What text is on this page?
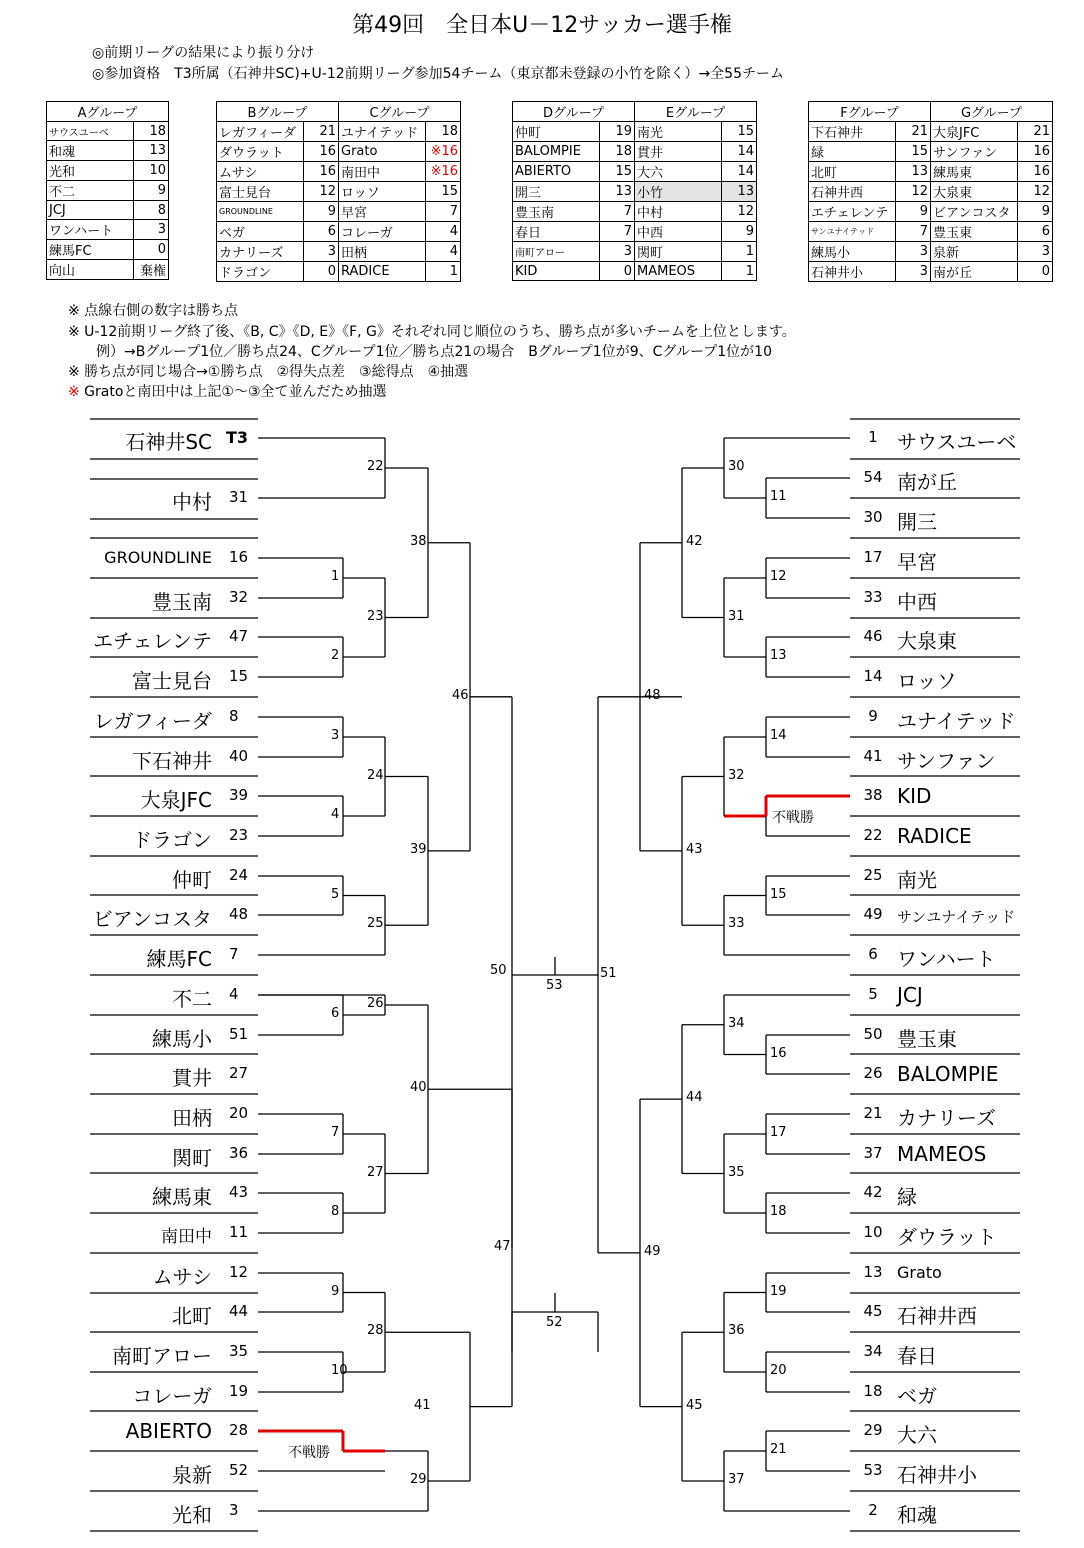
第49回　全日本U－12サッカー選手権
◎前期リーグの結果により振り分け
◎参加資格　T3所属（石神井SC)+U-12前期リーグ参加54チーム（東京都未登録の小竹を除く）→全55チーム
Aグループ	
サウスユーベ	18
和魂	13
光和	10
不二	9
JCJ	8
ワンハート	3
練馬FC	0
向山	棄権
Bグループ		Cグループ	
レガフィーダ	21	ユナイテッド	18
ダウラット	16	Grato	※16
ムサシ	16	南田中	※16
富士見台	12	ロッソ	15
GROUNDLINE	9	早宮	7
ベガ	6	コレーガ	4
カナリーズ	3	田柄	4
ドラゴン	0	RADICE	1
Dグループ		Eグループ	
仲町	19	南光	15
BALOMPIE	18	貫井	14
ABIERTO	15	大六	14
開三	13	小竹	13
豊玉南	7	中村	12
春日	7	中西	9
南町アロー	3	関町	1
KID	0	MAMEOS	1
Fグループ		Gグループ	
下石神井	21	大泉JFC	21
緑	15	サンファン	16
北町	13	練馬東	16
石神井西	12	大泉東	12
エチェレンテ	9	ビアンコスタ	9
サンユナイテッド	7	豊玉東	6
練馬小	3	泉新	3
石神井小	3	南が丘	0
※ 点線右側の数字は勝ち点
※ U-12前期リーグ終了後、《B, C》《D, E》《F, G》それぞれ同じ順位のうち、勝ち点が多いチームを上位とします。
　　例）→Bグループ1位／勝ち点24、Cグループ1位／勝ち点21の場合　Bグループ1位が9、Cグループ1位が10
※ 勝ち点が同じ場合→①勝ち点　②得失点差　③総得点　④抽選
※ Gratoと南田中は上記①～③全て並んだため抽選
石神井SC T3
中村 31
GROUNDLINE 16
豊玉南 32
エチェレンテ 47
富士見台 15
レガフィーダ 8
下石神井 40
大泉JFC 39
ドラゴン 23
仲町 24
ビアンコスタ 48
練馬FC 7
不二 4
練馬小 51
貫井 27
田柄 20
関町 36
練馬東 43
南田中 11
ムサシ 12
北町 44
南町アロー 35
コレーガ 19
ABIERTO 28
泉新 52
光和 3
1
2
3
4
5
6
7
8
9
10
22
23
24
25
26
27
28
不戦勝
29
38
39
40
41
46
47
50
1 サウスユーベ
54 南が丘
30 開三
17 早宮
33 中西
46 大泉東
14 ロッソ
9 ユナイテッド
41 サンファン
38 KID
22 RADICE
25 南光
49 サンユナイテッド
6 ワンハート
5 JCJ
50 豊玉東
26 BALOMPIE
21 カナリーズ
37 MAMEOS
42 緑
10 ダウラット
13 Grato
45 石神井西
34 春日
18 ベガ
29 大六
53 石神井小
2 和魂
11
12
13
14
不戦勝
15
16
17
18
19
20
21
30
31
32
33
34
35
36
37
42
43
44
45
48
49
51
53
52
